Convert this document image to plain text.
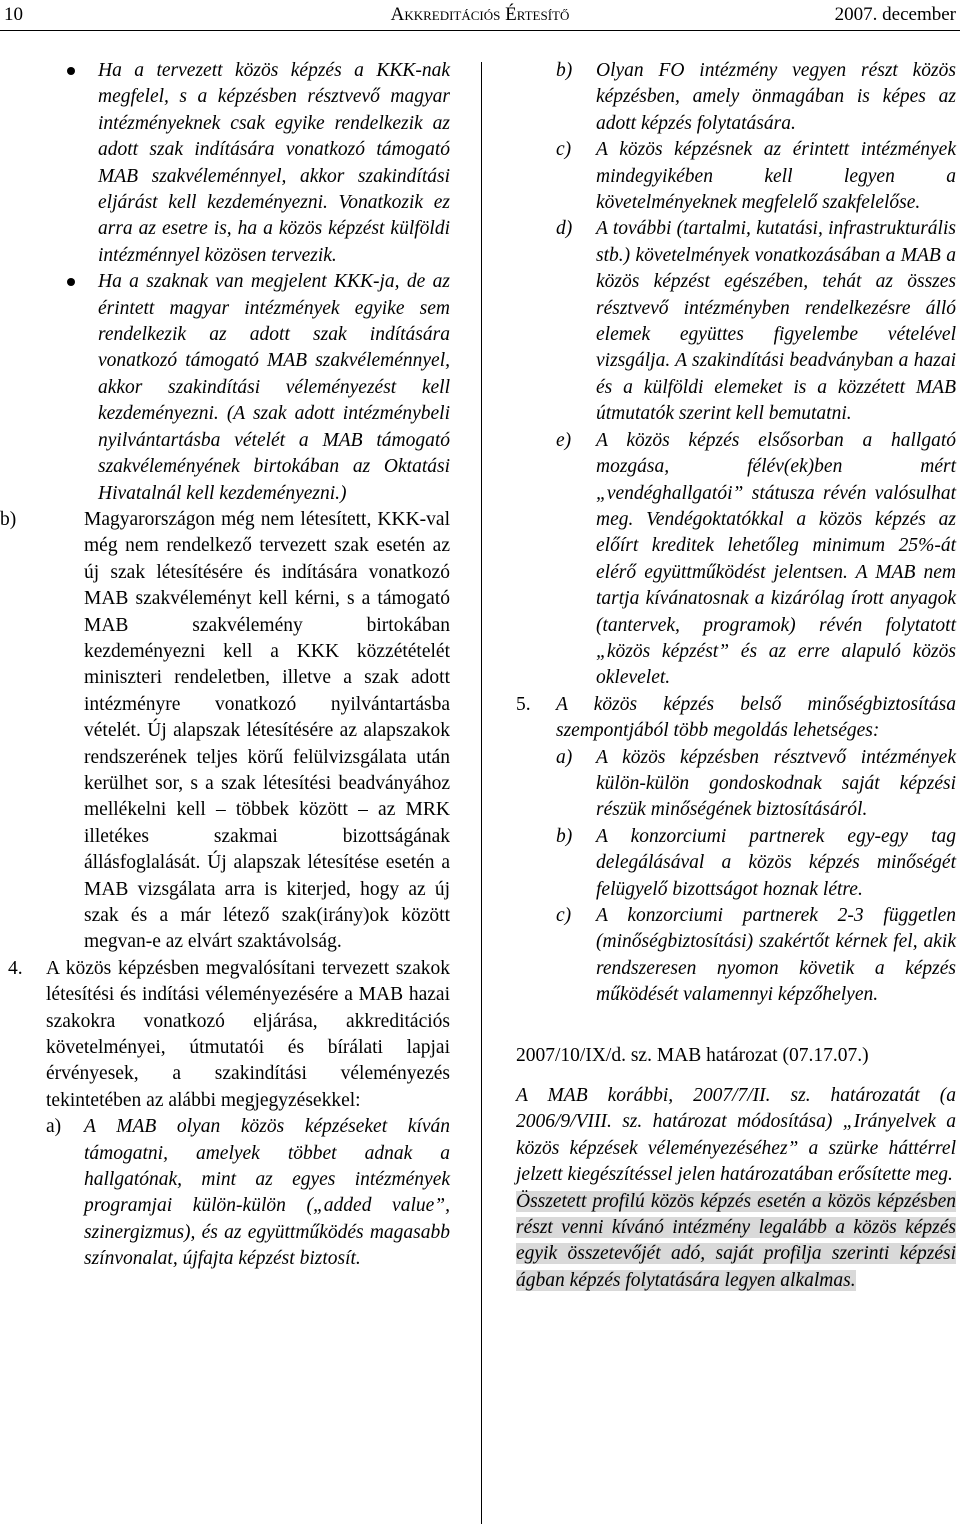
10	Akkreditációs Értesítő	2007. december

Ha a tervezett közös képzés a KKK-nak megfelel, s a képzésben résztvevő magyar intézményeknek csak egyike rendelkezik az adott szak indítására vonatkozó támogató MAB szakvéleménnyel, akkor szakindítási eljárást kell kezdeményezni. Vonatkozik ez arra az esetre is, ha a közös képzést külföldi intézménnyel közösen tervezik.

Ha a szaknak van megjelent KKK-ja, de az érintett magyar intézmények egyike sem rendelkezik az adott szak indítására vonatkozó támogató MAB szakvéleménnyel, akkor szakindítási véleményezést kell kezdeményezni. (A szak adott intézménybeli nyilvántartásba vételét a MAB támogató szakvéleményének birtokában az Oktatási Hivatalnál kell kezdeményezni.)

b)	Magyarországon még nem létesített, KKK-val még nem rendelkező tervezett szak esetén az új szak létesítésére és indítására vonatkozó MAB szakvéleményt kell kérni, s a támogató MAB szakvélemény birtokában kezdeményezni kell a KKK közzétételét miniszteri rendeletben, illetve a szak adott intézményre vonatkozó nyilvántartásba vételét. Új alapszak létesítésére az alapszakok rendszerének teljes körű felülvizsgálata után kerülhet sor, s a szak létesítési beadványához mellékelni kell – többek között – az MRK illetékes szakmai bizottságának állásfoglalását. Új alapszak létesítése esetén a MAB vizsgálata arra is kiterjed, hogy az új szak és a már létező szak(irány)ok között megvan-e az elvárt szaktávolság.

4. A közös képzésben megvalósítani tervezett szakok létesítési és indítási véleményezésére a MAB hazai szakokra vonatkozó eljárása, akkreditációs követelményei, útmutatói és bírálati lapjai érvényesek, a szakindítási véleményezés tekintetében az alábbi megjegyzésekkel:

a) A MAB olyan közös képzéseket kíván támogatni, amelyek többet adnak a hallgatónak, mint az egyes intézmények programjai külön-külön („added value”, szinergizmus), és az együttműködés magasabb színvonalat, újfajta képzést biztosít.

b) Olyan FO intézmény vegyen részt közös képzésben, amely önmagában is képes az adott képzés folytatására.

c) A közös képzésnek az érintett intézmények mindegyikében kell legyen a követelményeknek megfelelő szakfelelőse.

d) A további (tartalmi, kutatási, infrastrukturális stb.) követelmények vonatkozásában a MAB a közös képzést egészében, tehát az összes résztvevő intézményben rendelkezésre álló elemek együttes figyelembe vételével vizsgálja. A szakindítási beadványban a hazai és a külföldi elemeket is a közzétett MAB útmutatók szerint kell bemutatni.

e) A közös képzés elsősorban a hallgató mozgása, félév(ek)ben mért „vendéghallgatói” státusza révén valósulhat meg. Vendégoktatókkal a közös képzés az előírt kreditek lehetőleg minimum 25%-át elérő együttműködést jelentsen. A MAB nem tartja kívánatosnak a kizárólag írott anyagok (tantervek, programok) révén folytatott „közös képzést” és az erre alapuló közös oklevelet.

5. A közös képzés belső minőségbiztosítása szempontjából több megoldás lehetséges:

a) A közös képzésben résztvevő intézmények külön-külön gondoskodnak saját képzési részük minőségének biztosításáról.

b) A konzorciumi partnerek egy-egy tag delegálásával a közös képzés minőségét felügyelő bizottságot hoznak létre.

c) A konzorciumi partnerek 2-3 független (minőségbiztosítási) szakértőt kérnek fel, akik rendszeresen nyomon követik a képzés működését valamennyi képzőhelyen.

2007/10/IX/d. sz. MAB határozat (07.17.07.)

A MAB korábbi, 2007/7/II. sz. határozatát (a 2006/9/VIII. sz. határozat módosítása) „Irányelvek a közös képzések véleményezéséhez” a szürke háttérrel jelzett kiegészítéssel jelen határozatában erősítette meg.

Összetett profilú közös képzés esetén a közös képzésben részt venni kívánó intézmény legalább a közös képzés egyik összetevőjét adó, saját profilja szerinti képzési ágban képzés folytatására legyen alkalmas.
